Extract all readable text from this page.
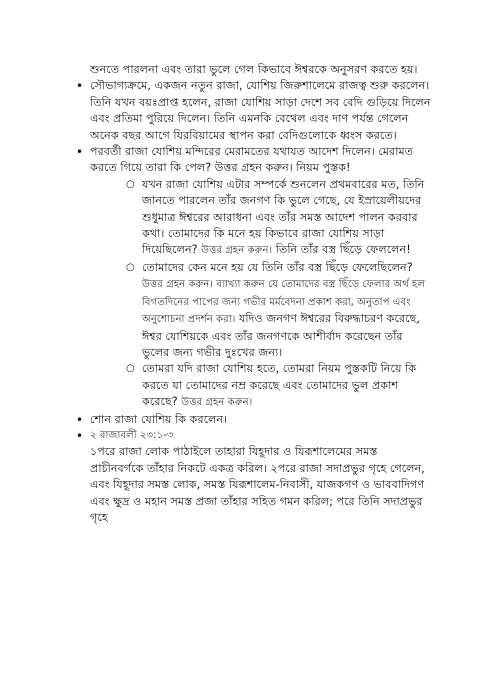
শুনতে পারলনা এবং তারা ভুলে গেল কিভাবে ঈশ্বরকে অনুসরণ করতে হয়।

• সৌভাগ্যক্রমে, একজন নতুন রাজা, যোশিয় জিরুশালেমে রাজত্ব শুরু করলেন। তিনি যখন বয়ঃপ্রাপ্ত হলেন, রাজা যোশিয় সাড়া দেশে সব বেদি গুড়িয়ে দিলেন এবং প্রতিমা পুরিয়ে দিলেন। তিনি এমনকি বেথেল এবং দাণ পর্যন্ত গেলেন অনেক বছর আগে যিরবিয়ামের স্থাপন করা বেদিগুলোকে ধ্বংস করতে।

• পরবর্তী রাজা যোশিয় মন্দিরের মেরামতের যথাযত আদেশ দিলেন। মেরামত করতে গিয়ে তারা কি পেল? উত্তর গ্রহন করুন। নিয়ম পুস্তক!

○ যখন রাজা যোশিয় এটার সম্পর্কে শুনলেন প্রথমবারের মত, তিনি জানতে পারলেন তাঁর জনগণ কি ভুলে গেছে, যে ইস্রায়েলীয়দের শুধুমাত্র ঈশ্বরের আরাধনা এবং তাঁর সমস্ত আদেশ পালন করবার কথা। তোমাদের কি মনে হয় কিভাবে রাজা যোশিয় সাড়া দিয়েছিলেন? উত্তর গ্রহন করুন। তিনি তাঁর বস্ত্র ছিঁড়ে ফেললেন!

○ তোমাদের কেন মনে হয় যে তিনি তাঁর বস্ত্র ছিঁড়ে ফেলেছিলেন? উত্তর গ্রহন করুন। ব্যাখ্যা করুন যে তোমাদের বস্ত্র ছিঁড়ে ফেলার অর্থ হল বিগতদিনের পাপের জন্য গভীর মর্মবেদনা প্রকাশ করা, অনুতাপ এবং অনুশোচনা প্রদর্শন করা। যদিও জনগণ ঈশ্বরের বিরুদ্ধাচরণ করেছে, ঈশ্বর যোশিয়কে এবং তাঁর জনগণকে আশীর্বাদ করেছেন তাঁর ভুলের জন্য গভীর দুঃখের জন্য।

○ তোমরা যদি রাজা যোশিয় হতে, তোমরা নিয়ম পুস্তকটি নিয়ে কি করতে যা তোমাদের নম্র করেছে এবং তোমাদের ভুল প্রকাশ করেছে? উত্তর গ্রহন করুন।

• শোন রাজা যোশিয় কি করলেন।

• ২ রাজাবলী ২৩:১-৩

১পরে রাজা লোক পাঠাইলে তাহারা যিহূদার ও যিরূশালেমের সমস্ত প্রাচীনবর্গকে তাঁহার নিকটে একত্র করিল। ২পরে রাজা সদাপ্রভুর গৃহে গেলেন, এবং যিহূদার সমস্ত লোক, সমস্ত যিরূশালেম-নিবাসী, যাজকগণ ও ভাববাদিগণ এবং ক্ষুদ্র ও মহান সমস্ত প্রজা তাঁহার সহিত গমন করিল; পরে তিনি সদাপ্রভুর গৃহে
